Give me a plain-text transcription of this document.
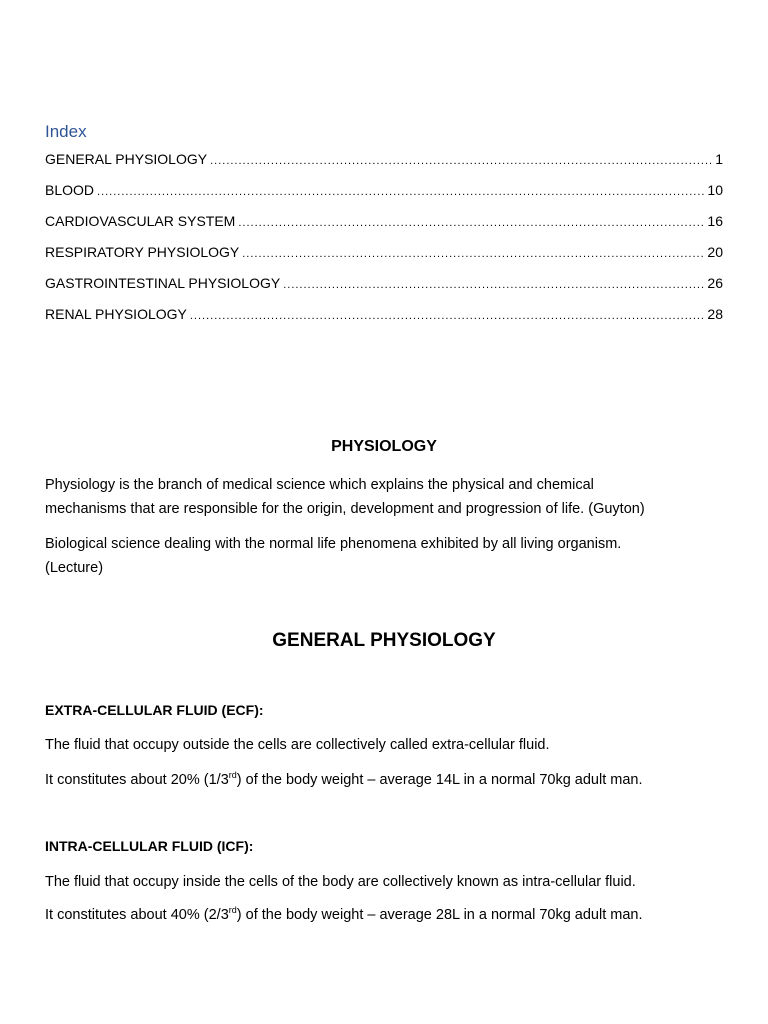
Index
GENERAL PHYSIOLOGY .....	1
BLOOD .....	10
CARDIOVASCULAR SYSTEM .....	16
RESPIRATORY PHYSIOLOGY .....	20
GASTROINTESTINAL PHYSIOLOGY .....	26
RENAL PHYSIOLOGY .....	28
PHYSIOLOGY

Physiology is the branch of medical science which explains the physical and chemical
mechanisms that are responsible for the origin, development and progression of life. (Guyton)

Biological science dealing with the normal life phenomena exhibited by all living organism.
(Lecture)

GENERAL PHYSIOLOGY
EXTRA-CELLULAR FLUID (ECF):

The fluid that occupy outside the cells are collectively called extra-cellular fluid.

It constitutes about 20% (1/3rd) of the body weight – average 14L in a normal 70kg adult man.

INTRA-CELLULAR FLUID (ICF):

The fluid that occupy inside the cells of the body are collectively known as intra-cellular fluid.

It constitutes about 40% (2/3rd) of the body weight – average 28L in a normal 70kg adult man.
